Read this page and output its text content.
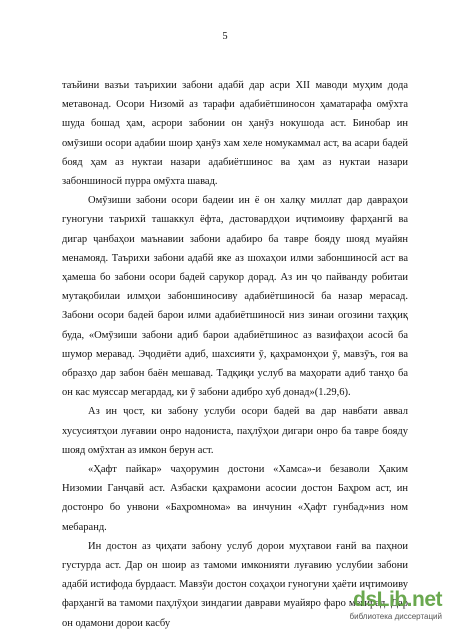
5

таъйини вазъи таърихии забони адабй дар асри XII маводи муҳим дода метавонад. Осори Низомй аз тарафи адабиётшиносон ҳаматарафа омӯхта шуда бошад ҳам, асрори забонии он ҳанӯз нокушода аст. Бинобар ин омӯзиши осори адабии шоир ҳанӯз хам хеле номукаммал аст, ва асари бадей бояд ҳам аз нуктаи назари адабиётшинос ва ҳам аз нуктаи назари забоншиносй пурра омӯхта шавад.

Омӯзиши забони осори бадеии ин ё он халқу миллат дар давраҳои гуногуни таърихй ташаккул ёфта, дастовардҳои иҷтимоиву фарҳангй ва дигар ҷанбаҳои маънавии забони адабиро ба тавре бояду шояд муайян менамояд. Таърихи забони адабй яке аз шохаҳои илми забоншиносй аст ва ҳамеша бо забони осори бадей сарукор дорад. Аз ин ҷо пайванду робитаи мутақобилаи илмҳои забоншиносиву адабиётшиносй ба назар мерасад. Забони осори бадей барои илми адабиётшиносй низ зинаи огозини таҳқиқ буда, «Омӯзиши забони адиб барои адабиётшинос аз вазифаҳои асосй ба шумор меравад. Эҷодиёти адиб, шахсияти ӯ, қаҳрамонҳои ӯ, мавзӯъ, гоя ва образҳо дар забон баён мешавад. Тадқиқи услуб ва маҳорати адиб танҳо ба он кас муяссар мегардад, ки ӯ забони адибро хуб донад»(1.29,6).

Аз ин ҷост, ки забону услуби осори бадей ва дар навбати аввал хусусиятҳои луғавии онро надониста, паҳлӯҳои дигари онро ба тавре бояду шояд омӯхтан аз имкон берун аст.

«Ҳафт пайкар» чаҳорумин достони «Хамса»-и безаволи Ҳаким Низомии Ганҷавй аст. Азбаски қаҳрамони асосии достон Баҳром аст, ин достонро бо унвони «Баҳромнома» ва инчунин «Ҳафт гунбад»низ ном мебаранд.

Ин достон аз ҷиҳати забону услуб дорои муҳтавои ғанй ва паҳнои густурда аст. Дар он шоир аз тамоми имконияти луғавию услубии забони адабй истифода бурдааст. Мавзӯи достон соҳаҳои гуногуни ҳаёти иҷтимоиву фарҳангй ва тамоми паҳлӯҳои зиндагии даврави муайяро фаро мегирад. Дар он одамони дорои касбу

dsLib.net
библиотека диссертаций
